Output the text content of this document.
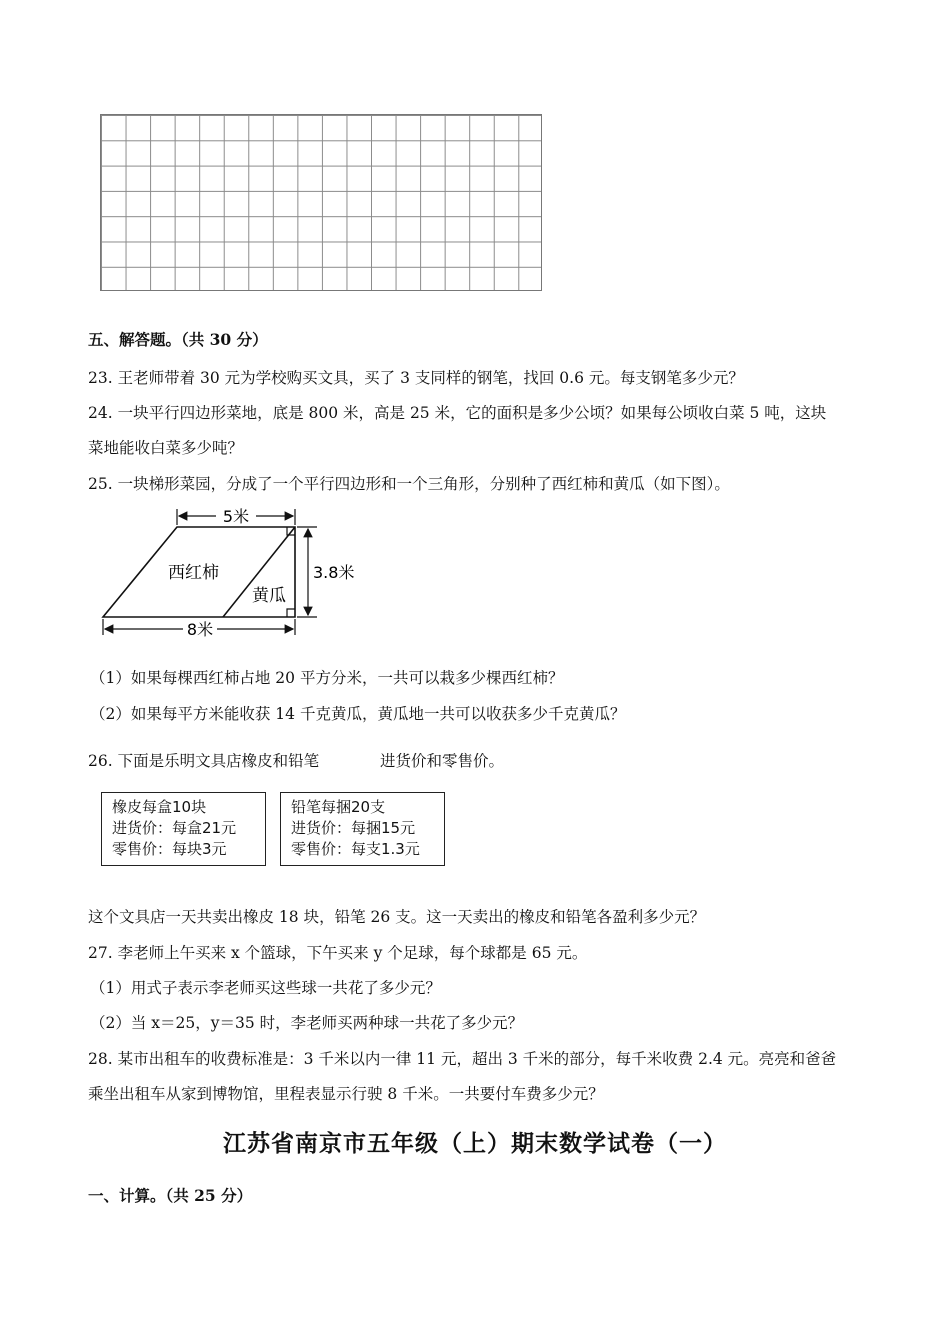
五、解答题。（共 30 分）
23. 王老师带着 30 元为学校购买文具，买了 3 支同样的钢笔，找回 0.6 元。每支钢笔多少元？
24. 一块平行四边形菜地，底是 800 米，高是 25 米，它的面积是多少公顷？如果每公顷收白菜 5 吨，这块
菜地能收白菜多少吨？
25. 一块梯形菜园，分成了一个平行四边形和一个三角形，分别种了西红柿和黄瓜（如下图）。
5米
3.8米
8米
西红柿
黄瓜
（1）如果每棵西红柿占地 20 平方分米，一共可以栽多少棵西红柿？
（2）如果每平方米能收获 14 千克黄瓜，黄瓜地一共可以收获多少千克黄瓜？
26. 下面是乐明文具店橡皮和铅笔	进货价和零售价。
橡皮每盒10块
进货价：每盒21元
零售价：每块3元
铅笔每捆20支
进货价：每捆15元
零售价：每支1.3元
这个文具店一天共卖出橡皮 18 块，铅笔 26 支。这一天卖出的橡皮和铅笔各盈利多少元？
27. 李老师上午买来 x 个篮球，下午买来 y 个足球，每个球都是 65 元。
（1）用式子表示李老师买这些球一共花了多少元？
（2）当 x＝25，y＝35 时，李老师买两种球一共花了多少元？
28. 某市出租车的收费标准是：3 千米以内一律 11 元，超出 3 千米的部分，每千米收费 2.4 元。亮亮和爸爸
乘坐出租车从家到博物馆，里程表显示行驶 8 千米。一共要付车费多少元？
江苏省南京市五年级（上）期末数学试卷（一）
一、计算。（共 25 分）
